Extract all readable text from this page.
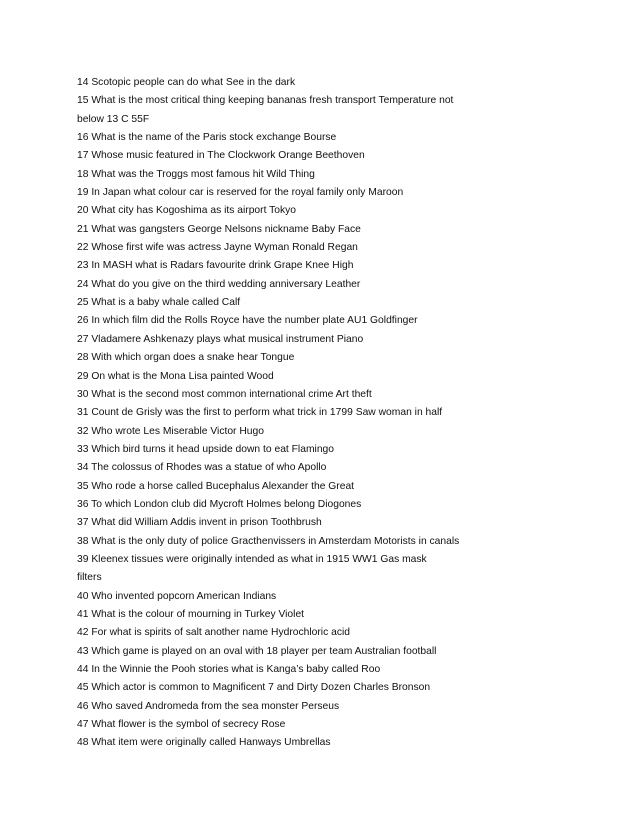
14 Scotopic people can do what See in the dark
15 What is the most critical thing keeping bananas fresh transport Temperature not
below 13 C 55F
16 What is the name of the Paris stock exchange Bourse
17 Whose music featured in The Clockwork Orange Beethoven
18 What was the Troggs most famous hit Wild Thing
19 In Japan what colour car is reserved for the royal family only Maroon
20 What city has Kogoshima as its airport Tokyo
21 What was gangsters George Nelsons nickname Baby Face
22 Whose first wife was actress Jayne Wyman Ronald Regan
23 In MASH what is Radars favourite drink Grape Knee High
24 What do you give on the third wedding anniversary Leather
25 What is a baby whale called Calf
26 In which film did the Rolls Royce have the number plate AU1 Goldfinger
27 Vladamere Ashkenazy plays what musical instrument Piano
28 With which organ does a snake hear Tongue
29 On what is the Mona Lisa painted Wood
30 What is the second most common international crime Art theft
31 Count de Grisly was the first to perform what trick in 1799 Saw woman in half
32 Who wrote Les Miserable Victor Hugo
33 Which bird turns it head upside down to eat Flamingo
34 The colossus of Rhodes was a statue of who Apollo
35 Who rode a horse called Bucephalus Alexander the Great
36 To which London club did Mycroft Holmes belong Diogones
37 What did William Addis invent in prison Toothbrush
38 What is the only duty of police Gracthenvissers in Amsterdam Motorists in canals
39 Kleenex tissues were originally intended as what in 1915 WW1 Gas mask
filters
40 Who invented popcorn American Indians
41 What is the colour of mourning in Turkey Violet
42 For what is spirits of salt another name Hydrochloric acid
43 Which game is played on an oval with 18 player per team Australian football
44 In the Winnie the Pooh stories what is Kanga’s baby called Roo
45 Which actor is common to Magnificent 7 and Dirty Dozen Charles Bronson
46 Who saved Andromeda from the sea monster Perseus
47 What flower is the symbol of secrecy Rose
48 What item were originally called Hanways Umbrellas
